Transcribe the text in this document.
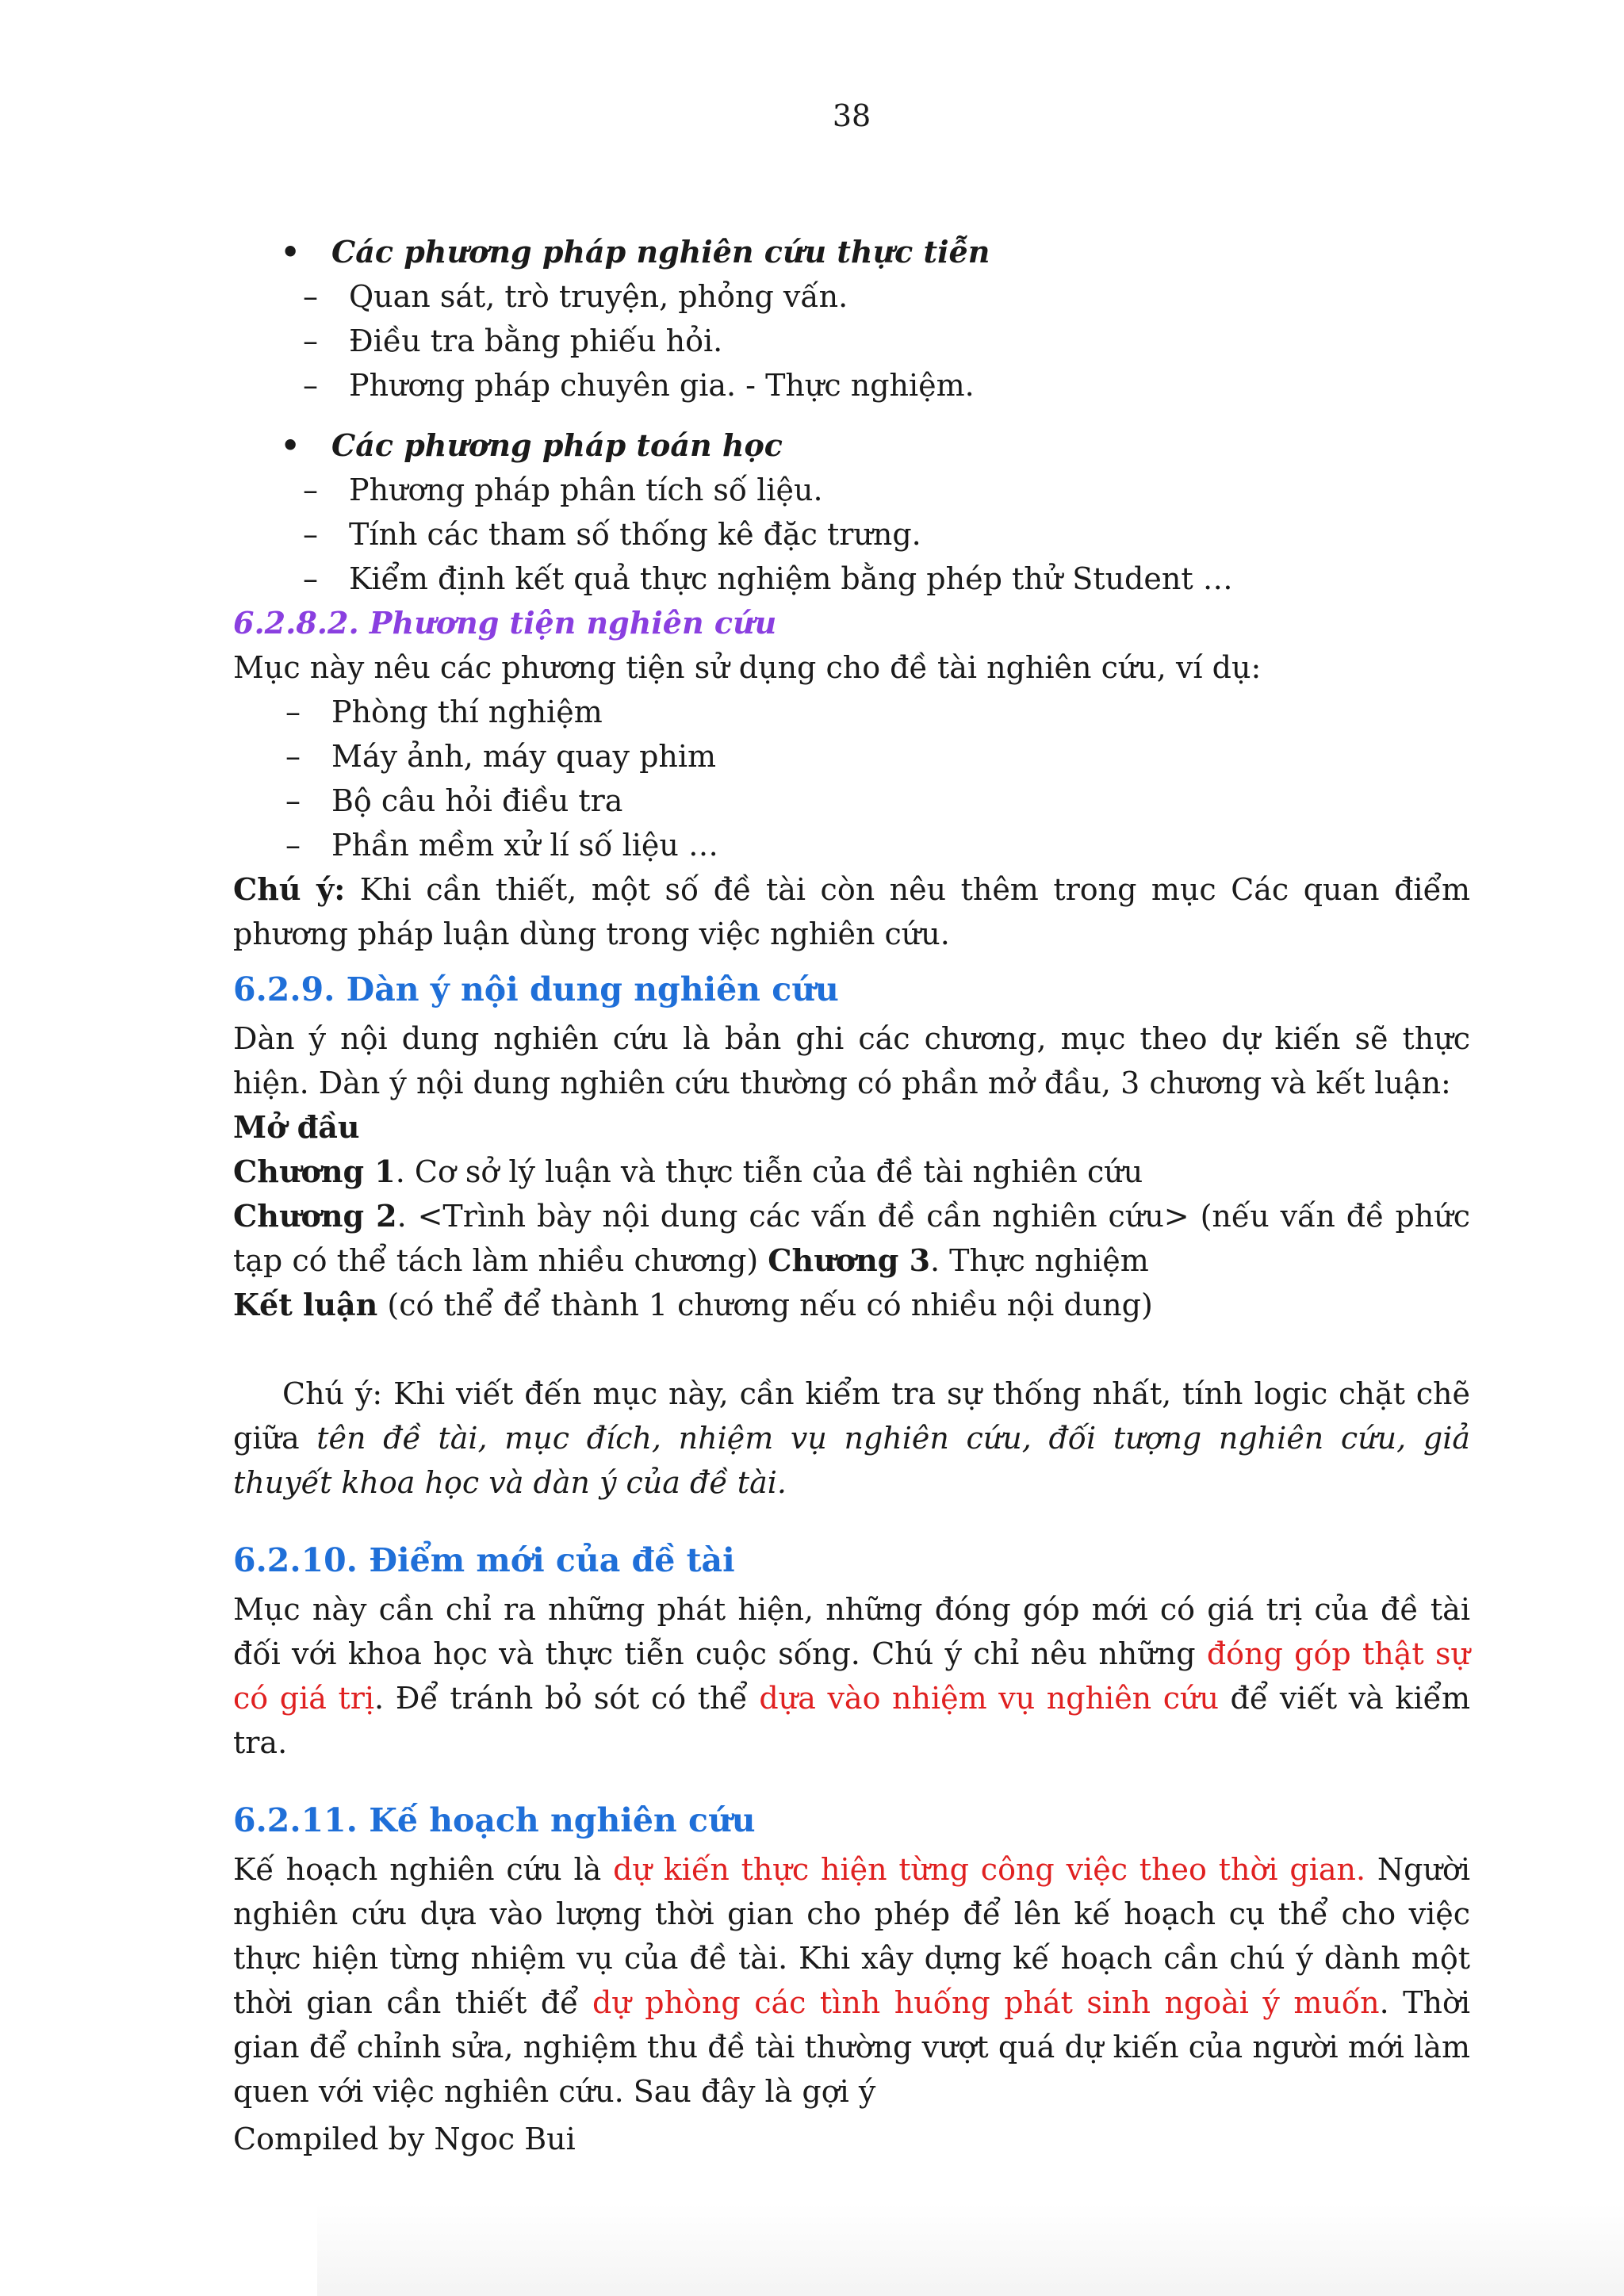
38
• Các phương pháp nghiên cứu thực tiễn
– Quan sát, trò truyện, phỏng vấn.
– Điều tra bằng phiếu hỏi.
– Phương pháp chuyên gia. - Thực nghiệm.
• Các phương pháp toán học
– Phương pháp phân tích số liệu.
– Tính các tham số thống kê đặc trưng.
– Kiểm định kết quả thực nghiệm bằng phép thử Student …
6.2.8.2. Phương tiện nghiên cứu
Mục này nêu các phương tiện sử dụng cho đề tài nghiên cứu, ví dụ:
– Phòng thí nghiệm
– Máy ảnh, máy quay phim
– Bộ câu hỏi điều tra
– Phần mềm xử lí số liệu …
Chú ý: Khi cần thiết, một số đề tài còn nêu thêm trong mục Các quan điểm phương pháp luận dùng trong việc nghiên cứu.
6.2.9. Dàn ý nội dung nghiên cứu
Dàn ý nội dung nghiên cứu là bản ghi các chương, mục theo dự kiến sẽ thực hiện. Dàn ý nội dung nghiên cứu thường có phần mở đầu, 3 chương và kết luận:
Mở đầu
Chương 1. Cơ sở lý luận và thực tiễn của đề tài nghiên cứu
Chương 2. <Trình bày nội dung các vấn đề cần nghiên cứu> (nếu vấn đề phức tạp có thể tách làm nhiều chương) Chương 3. Thực nghiệm
Kết luận (có thể để thành 1 chương nếu có nhiều nội dung)
Chú ý: Khi viết đến mục này, cần kiểm tra sự thống nhất, tính logic chặt chẽ giữa tên đề tài, mục đích, nhiệm vụ nghiên cứu, đối tượng nghiên cứu, giả thuyết khoa học và dàn ý của đề tài.
6.2.10. Điểm mới của đề tài
Mục này cần chỉ ra những phát hiện, những đóng góp mới có giá trị của đề tài đối với khoa học và thực tiễn cuộc sống. Chú ý chỉ nêu những đóng góp thật sự có giá trị. Để tránh bỏ sót có thể dựa vào nhiệm vụ nghiên cứu để viết và kiểm tra.
6.2.11. Kế hoạch nghiên cứu
Kế hoạch nghiên cứu là dự kiến thực hiện từng công việc theo thời gian. Người nghiên cứu dựa vào lượng thời gian cho phép để lên kế hoạch cụ thể cho việc thực hiện từng nhiệm vụ của đề tài. Khi xây dựng kế hoạch cần chú ý dành một thời gian cần thiết để dự phòng các tình huống phát sinh ngoài ý muốn. Thời gian để chỉnh sửa, nghiệm thu đề tài thường vượt quá dự kiến của người mới làm quen với việc nghiên cứu. Sau đây là gợi ý
Compiled by Ngoc Bui
